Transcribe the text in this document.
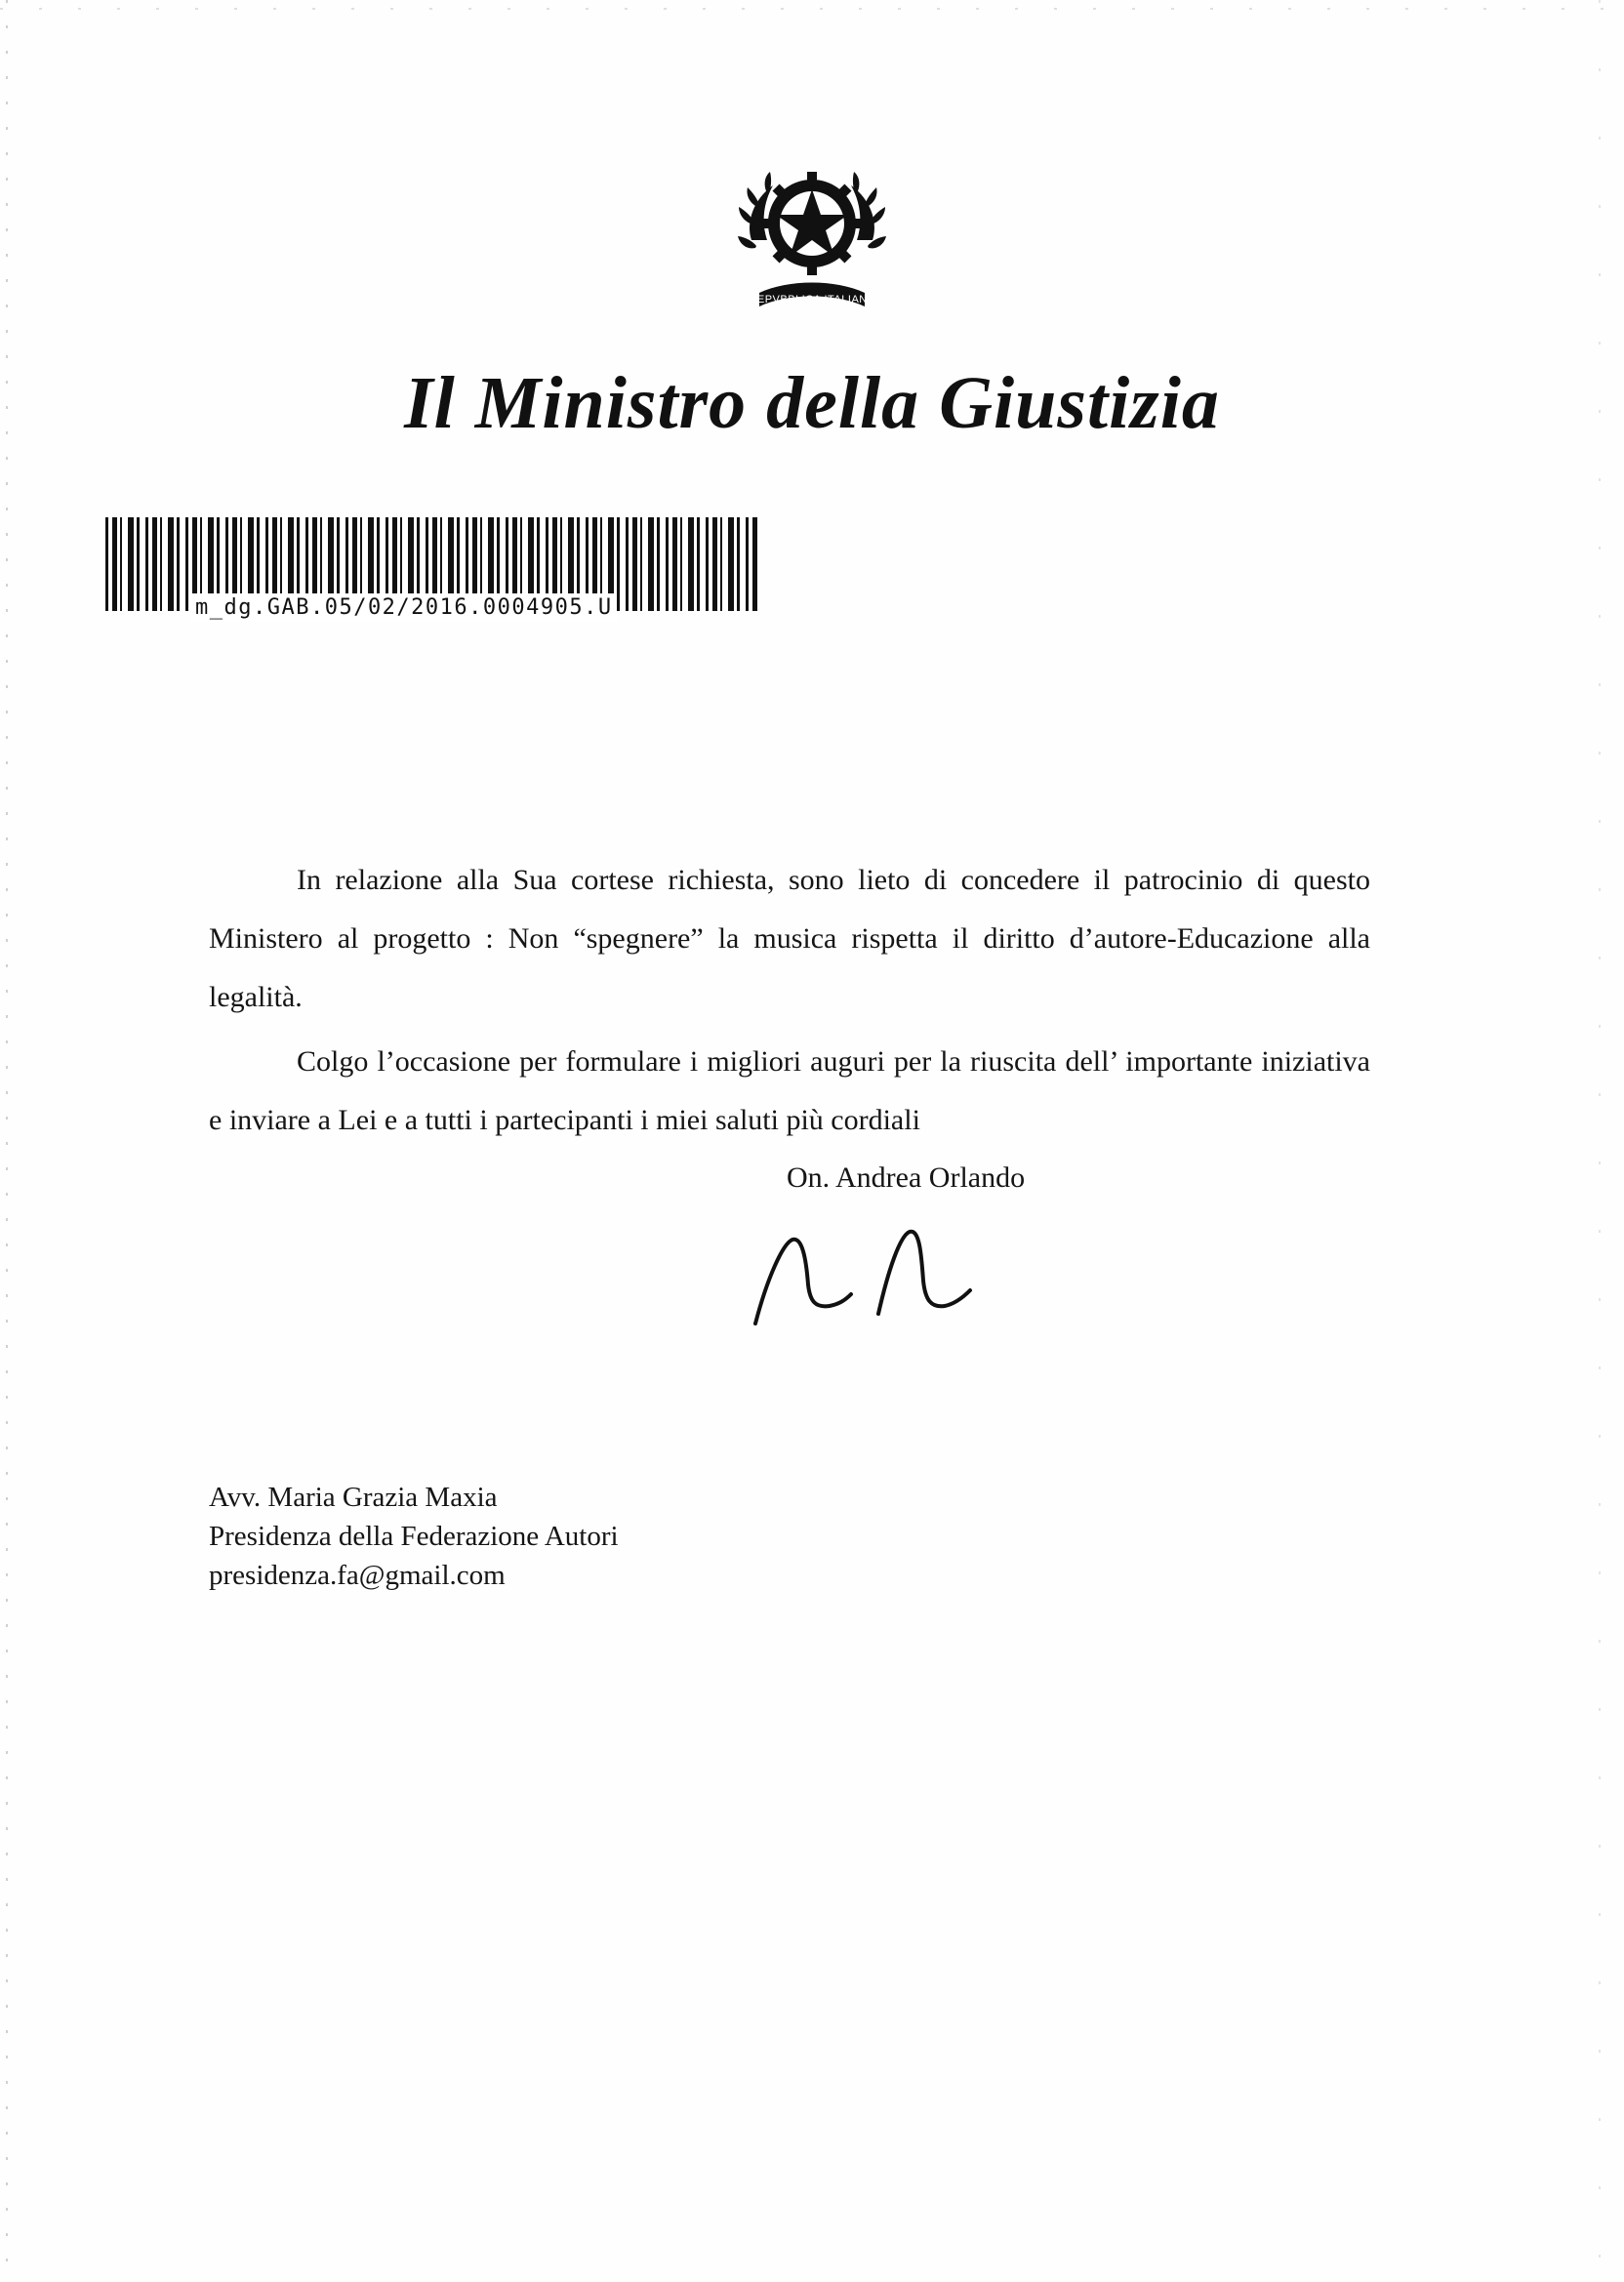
REPVBBLICA ITALIANA
Il Ministro della Giustizia
m_dg.GAB.05/02/2016.0004905.U

In relazione alla Sua cortese richiesta, sono lieto di concedere il patrocinio di questo Ministero al progetto : Non “spegnere” la musica rispetta il diritto d’autore-Educazione alla legalità.

Colgo l’occasione per formulare i migliori auguri per la riuscita dell’ importante iniziativa e inviare a Lei e a tutti i partecipanti i miei saluti più cordiali

On. Andrea Orlando
Avv. Maria Grazia Maxia
Presidenza della Federazione Autori
presidenza.fa@gmail.com
